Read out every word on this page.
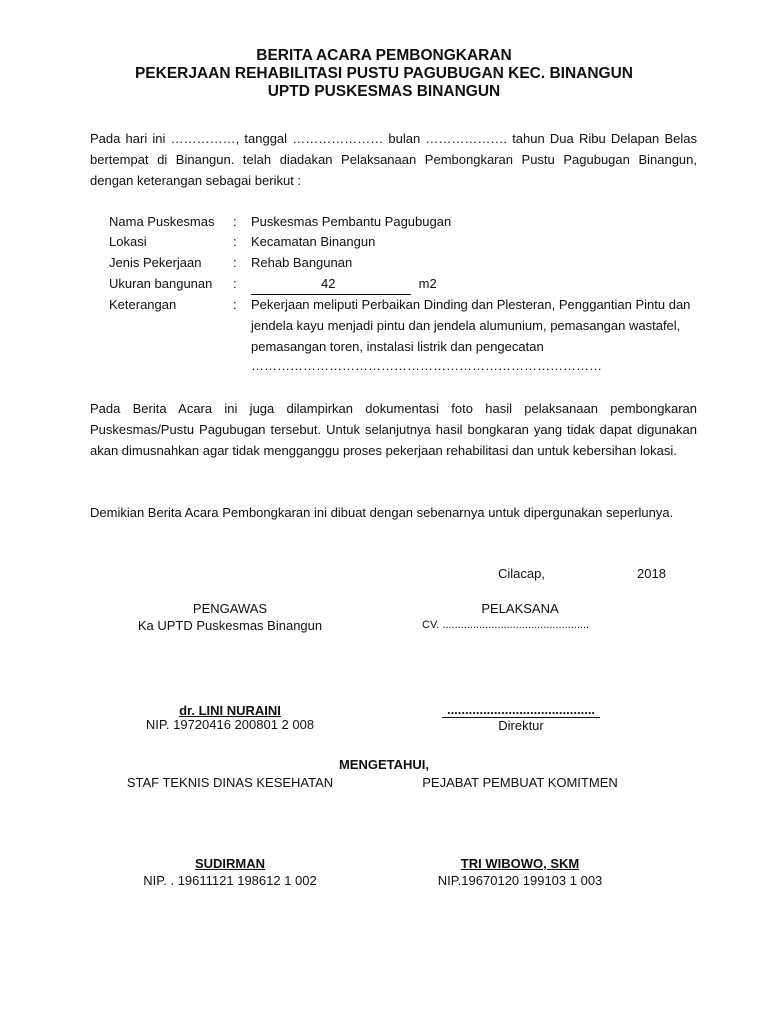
BERITA ACARA PEMBONGKARAN
PEKERJAAN REHABILITASI PUSTU PAGUBUGAN KEC. BINANGUN
UPTD PUSKESMAS BINANGUN
Pada hari ini ……………, tanggal ………………… bulan ………………. tahun Dua Ribu Delapan Belas bertempat di Binangun. telah diadakan Pelaksanaan Pembongkaran Pustu Pagubugan Binangun, dengan keterangan sebagai berikut :
Nama Puskesmas	: Puskesmas Pembantu Pagubugan
Lokasi	: Kecamatan Binangun
Jenis Pekerjaan	: Rehab Bangunan
Ukuran bangunan	:	42	m2
Keterangan	: Pekerjaan meliputi Perbaikan Dinding dan Plesteran, Penggantian Pintu dan jendela kayu menjadi pintu dan jendela alumunium, pemasangan wastafel, pemasangan toren, instalasi listrik dan pengecatan
………………………………………………………………………
Pada Berita Acara ini juga dilampirkan dokumentasi foto hasil pelaksanaan pembongkaran Puskesmas/Pustu Pagubugan tersebut. Untuk selanjutnya hasil bongkaran yang tidak dapat digunakan akan dimusnahkan agar tidak mengganggu proses pekerjaan rehabilitasi dan untuk kebersihan lokasi.
Demikian Berita Acara Pembongkaran ini dibuat dengan sebenarnya untuk dipergunakan seperlunya.
Cilacap,	2018
PENGAWAS
Ka UPTD Puskesmas Binangun
dr. LINI NURAINI
NIP. 19720416 200801 2 008
PELAKSANA
CV. ................................................
.........................................
Direktur
MENGETAHUI,
STAF TEKNIS DINAS KESEHATAN
SUDIRMAN
NIP. . 19611121 198612 1 002
PEJABAT PEMBUAT KOMITMEN
TRI WIBOWO, SKM
NIP.19670120 199103 1 003
